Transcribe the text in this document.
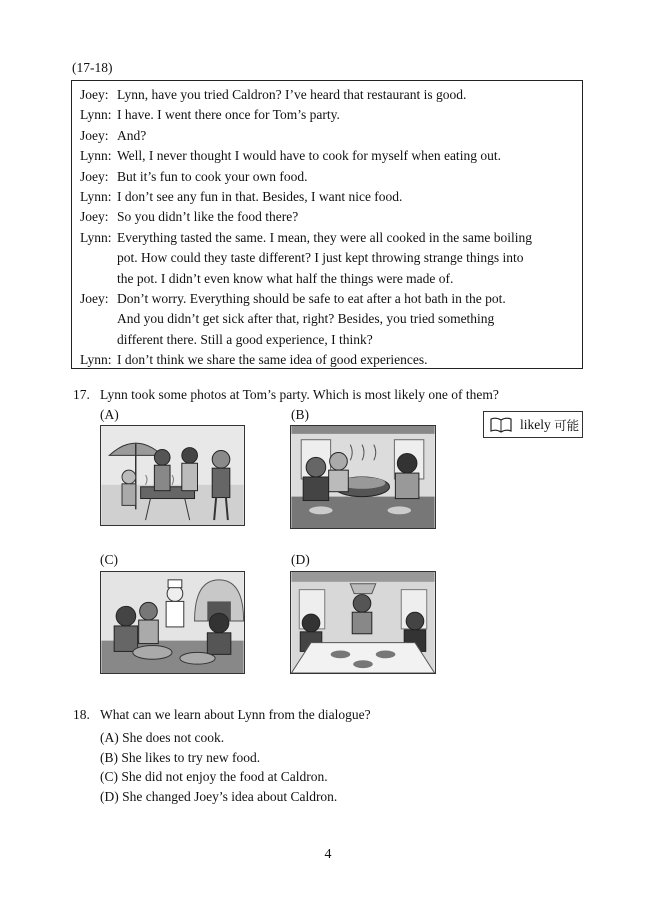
(17-18)
Joey: Lynn, have you tried Caldron? I’ve heard that restaurant is good.
Lynn: I have. I went there once for Tom’s party.
Joey: And?
Lynn: Well, I never thought I would have to cook for myself when eating out.
Joey: But it’s fun to cook your own food.
Lynn: I don’t see any fun in that. Besides, I want nice food.
Joey: So you didn’t like the food there?
Lynn: Everything tasted the same. I mean, they were all cooked in the same boiling
pot. How could they taste different? I just kept throwing strange things into
the pot. I didn’t even know what half the things were made of.
Joey: Don’t worry. Everything should be safe to eat after a hot bath in the pot.
And you didn’t get sick after that, right? Besides, you tried something
different there. Still a good experience, I think?
Lynn: I don’t think we share the same idea of good experiences.
17. Lynn took some photos at Tom’s party. Which is most likely one of them?
(A)	(B)
(C)	(D)
likely
可能
18. What can we learn about Lynn from the dialogue?
(A) She does not cook.
(B) She likes to try new food.
(C) She did not enjoy the food at Caldron.
(D) She changed Joey’s idea about Caldron.
4
